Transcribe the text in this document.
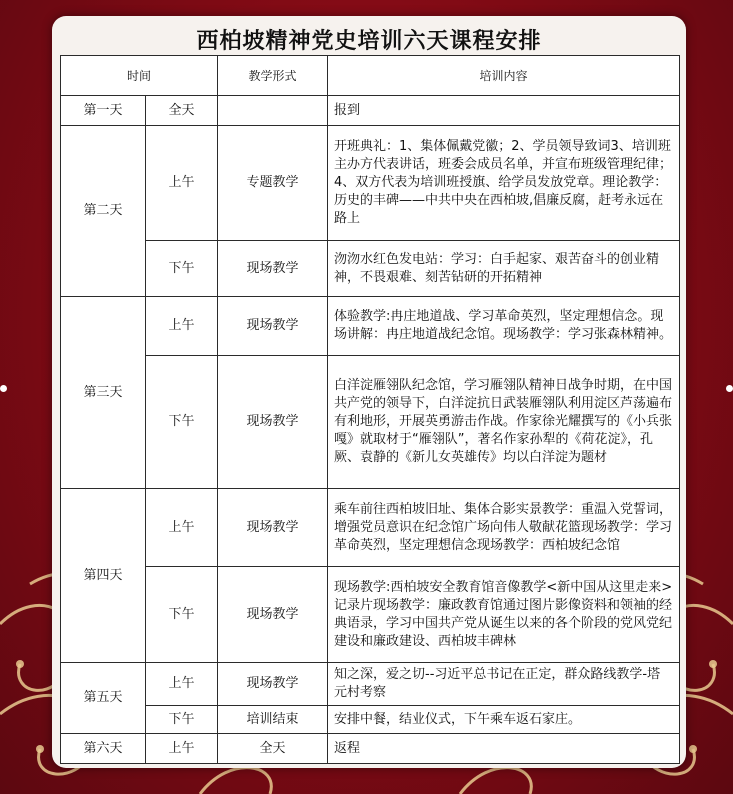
西柏坡精神党史培训六天课程安排
时间		教学形式	培训内容
第一天	全天		报到
第二天	上午	专题教学	开班典礼：1、集体佩戴党徽；2、学员领导致词3、培训班主办方代表讲话，班委会成员名单，并宣布班级管理纪律；4、双方代表为培训班授旗、给学员发放党章。理论教学：历史的丰碑——中共中央在西柏坡,倡廉反腐，赶考永远在路上
	下午	现场教学	沕沕水红色发电站：学习：白手起家、艰苦奋斗的创业精神，不畏艰难、刻苦钻研的开拓精神
第三天	上午	现场教学	体验教学:冉庄地道战、学习革命英烈，坚定理想信念。现场讲解：冉庄地道战纪念馆。现场教学：学习张森林精神。
	下午	现场教学	白洋淀雁翎队纪念馆，学习雁翎队精神日战争时期，在中国共产党的领导下，白洋淀抗日武装雁翎队利用淀区芦荡遍布有利地形，开展英勇游击作战。作家徐光耀撰写的《小兵张嘎》就取材于“雁翎队”，著名作家孙犁的《荷花淀》，孔厥、袁静的《新儿女英雄传》均以白洋淀为题材
第四天	上午	现场教学	乘车前往西柏坡旧址、集体合影实景教学：重温入党誓词，增强党员意识在纪念馆广场向伟人敬献花篮现场教学：学习革命英烈，坚定理想信念现场教学：西柏坡纪念馆
	下午	现场教学	现场教学:西柏坡安全教育馆音像教学<新中国从这里走来>记录片现场教学：廉政教育馆通过图片影像资料和领袖的经典语录，学习中国共产党从诞生以来的各个阶段的党风党纪建设和廉政建设、西柏坡丰碑林
第五天	上午	现场教学	知之深，爱之切--习近平总书记在正定，群众路线教学-塔元村考察
	下午	培训结束	安排中餐，结业仪式，下午乘车返石家庄。
第六天	上午	全天	返程
